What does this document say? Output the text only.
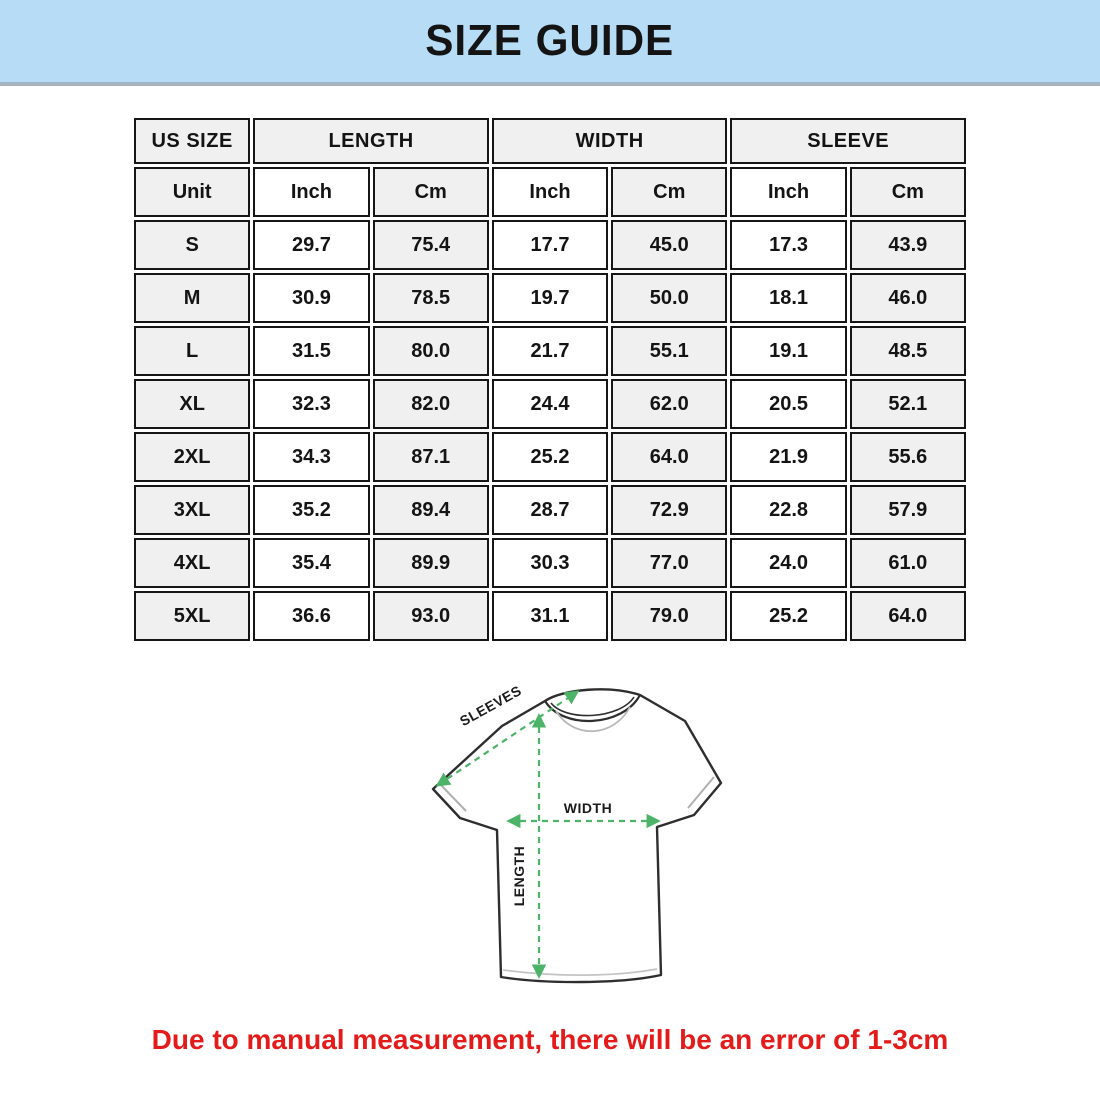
SIZE GUIDE
US SIZE	LENGTH		WIDTH		SLEEVE	
Unit	Inch	Cm	Inch	Cm	Inch	Cm
S	29.7	75.4	17.7	45.0	17.3	43.9
M	30.9	78.5	19.7	50.0	18.1	46.0
L	31.5	80.0	21.7	55.1	19.1	48.5
XL	32.3	82.0	24.4	62.0	20.5	52.1
2XL	34.3	87.1	25.2	64.0	21.9	55.6
3XL	35.2	89.4	28.7	72.9	22.8	57.9
4XL	35.4	89.9	30.3	77.0	24.0	61.0
5XL	36.6	93.0	31.1	79.0	25.2	64.0
SLEEVES
WIDTH
LENGTH

Due to manual measurement, there will be an error of 1-3cm
